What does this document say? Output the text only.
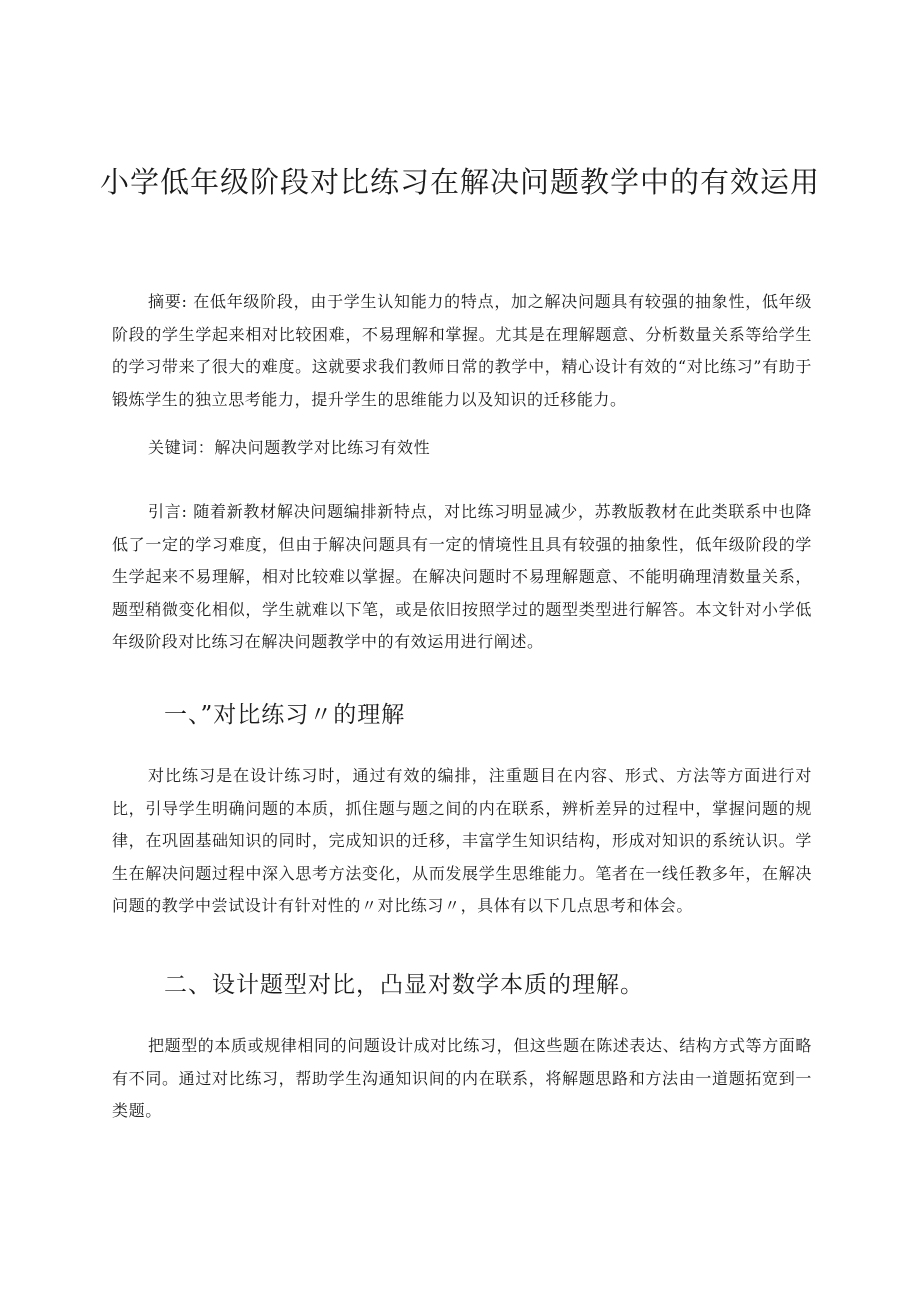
小学低年级阶段对比练习在解决问题教学中的有效运用

摘要: 在低年级阶段，由于学生认知能力的特点，加之解决问题具有较强的抽象性，低年级阶段的学生学起来相对比较困难，不易理解和掌握。尤其是在理解题意、分析数量关系等给学生的学习带来了很大的难度。这就要求我们教师日常的教学中，精心设计有效的“对比练习”有助于锻炼学生的独立思考能力，提升学生的思维能力以及知识的迁移能力。

关键词：解决问题教学对比练习有效性

引言: 随着新教材解决问题编排新特点，对比练习明显减少，苏教版教材在此类联系中也降低了一定的学习难度，但由于解决问题具有一定的情境性且具有较强的抽象性，低年级阶段的学生学起来不易理解，相对比较难以掌握。在解决问题时不易理解题意、不能明确理清数量关系，题型稍微变化相似，学生就难以下笔，或是依旧按照学过的题型类型进行解答。本文针对小学低年级阶段对比练习在解决问题教学中的有效运用进行阐述。

一、”对比练习〃的理解

对比练习是在设计练习时，通过有效的编排，注重题目在内容、形式、方法等方面进行对比，引导学生明确问题的本质，抓住题与题之间的内在联系，辨析差异的过程中，掌握问题的规律，在巩固基础知识的同时，完成知识的迁移，丰富学生知识结构，形成对知识的系统认识。学生在解决问题过程中深入思考方法变化，从而发展学生思维能力。笔者在一线任教多年，在解决问题的教学中尝试设计有针对性的〃对比练习〃，具体有以下几点思考和体会。

二、设计题型对比，凸显对数学本质的理解。

把题型的本质或规律相同的问题设计成对比练习，但这些题在陈述表达、结构方式等方面略有不同。通过对比练习，帮助学生沟通知识间的内在联系，将解题思路和方法由一道题拓宽到一类题。
